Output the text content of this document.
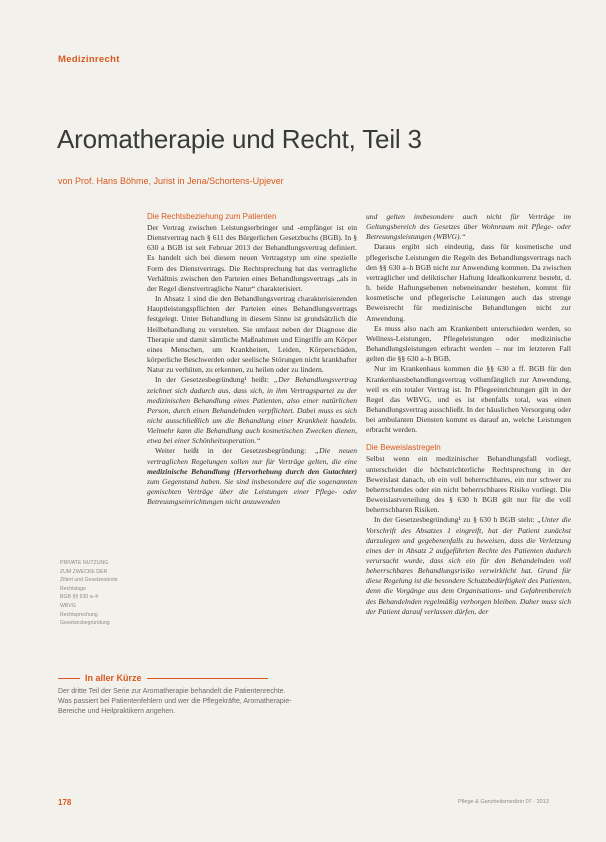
Medizinrecht
Aromatherapie und Recht, Teil 3
von Prof. Hans Böhme, Jurist in Jena/Schortens-Upjever
Die Rechtsbeziehung zum Patienten

Der Vertrag zwischen Leistungserbringer und -empfänger ist ein Dienstvertrag nach § 611 des Bürgerlichen Gesetzbuchs (BGB). In § 630 a BGB ist seit Februar 2013 der Behandlungsvertrag definiert. Es handelt sich bei diesem neuen Vertragstyp um eine spezielle Form des Dienstvertrags. Die Rechtsprechung hat das vertragliche Verhältnis zwischen den Parteien eines Behandlungsvertrags „als in der Regel dienstvertragliche Natur“ charakterisiert.

In Absatz 1 sind die den Behandlungsvertrag charakterisierenden Hauptleistungspflichten der Parteien eines Behandlungsvertrags festgelegt. Unter Behandlung in diesem Sinne ist grundsätzlich die Heilbehandlung zu verstehen. Sie umfasst neben der Diagnose die Therapie und damit sämtliche Maßnahmen und Eingriffe am Körper eines Menschen, um Krankheiten, Leiden, Körperschäden, körperliche Beschwerden oder seelische Störungen nicht krankhafter Natur zu verhüten, zu erkennen, zu heilen oder zu lindern.

In der Gesetzesbegründung¹ heißt: „Der Behandlungsvertrag zeichnet sich dadurch aus, dass sich, in ihm Vertragspartei zu der medizinischen Behandlung eines Patienten, also einer natürlichen Person, durch einen Behandelnden verpflichtet. Dabei muss es sich nicht ausschließlich um die Behandlung einer Krankheit handeln. Vielmehr kann die Behandlung auch kosmetischen Zwecken dienen, etwa bei einer Schönheitsoperation.“

Weiter heißt in der Gesetzesbegründung: „Die neuen vertraglichen Regelungen sollen nur für Verträge gelten, die eine medizinische Behandlung (Hervorhebung durch den Gutachter) zum Gegenstand haben. Sie sind insbesondere auf die sogenannten gemischten Verträge über die Leistungen einer Pflege- oder Betreuungseinrichtungen nicht anzuwenden

und gelten insbesondere auch nicht für Verträge im Geltungsbereich des Gesetzes über Wohnraum mit Pflege- oder Betreuungsleistungen (WBVG).“

Daraus ergibt sich eindeutig, dass für kosmetische und pflegerische Leistungen die Regeln des Behandlungsvertrags nach den §§ 630 a–h BGB nicht zur Anwendung kommen. Da zwischen vertraglicher und deliktischer Haftung Idealkonkurrenz besteht, d. h. beide Haftungsebenen nebeneinander bestehen, kommt für kosmetische und pflegerische Leistungen auch das strenge Beweisrecht für medizinische Behandlungen nicht zur Anwendung.

Es muss also nach am Krankenbett unterschieden werden, so Wellness-Leistungen, Pflegeleistungen oder medizinische Behandlungsleistungen erbracht werden – nur im letzteren Fall gelten die §§ 630 a–h BGB.

Nur im Krankenhaus kommen die §§ 630 a ff. BGB für den Krankenhausbehandlungsvertrag vollumfänglich zur Anwendung, weil es ein totaler Vertrag ist. In Pflegeeinrichtungen gilt in der Regel das WBVG, und es ist ebenfalls total, was einen Behandlungsvertrag ausschließt. In der häuslichen Versorgung oder bei ambulanten Diensten kommt es darauf an, welche Leistungen erbracht werden.

Die Beweislastregeln

Selbst wenn ein medizinischer Behandlungsfall vorliegt, unterscheidet die höchstrichterliche Rechtsprechung in der Beweislast danach, ob ein voll beherrschbares, ein nur schwer zu beherrschendes oder ein nicht beherrschbares Risiko vorliegt. Die Beweislastverteilung des § 630 h BGB gilt nur für die voll beherrschbaren Risiken.

In der Gesetzesbegründung¹ zu § 630 h BGB steht: „Unter die Vorschrift des Absatzes 1 eingreift, hat der Patient zunächst darzulegen und gegebenenfalls zu beweisen, dass die Verletzung eines der in Absatz 2 aufgeführten Rechte des Patienten dadurch verursacht wurde, dass sich ein für den Behandelnden voll beherrschbares Behandlungsrisiko verwirklicht hat. Grund für diese Regelung ist die besondere Schutzbedürftigkeit des Patienten, denn die Vorgänge aus dem Organisations- und Gefahrenbereich des Behandelnden regelmäßig verborgen bleiben. Daher muss sich der Patient darauf verlassen dürfen, der

PRIVATE NUTZUNG
ZUM ZWECKE DER
Zitiert und Gesetzestexte
Rechtslage
BGB §§ 630 a–h
WBVG
Rechtsprechung
Gesetzesbegründung
In aller Kürze
Der dritte Teil der Serie zur Aromatherapie behandelt die Patientenrechte. Was passiert bei Patientenfehlern und wer die Pflegekräfte, Aromatherapie-Bereiche und Heilpraktikern angehen.
178	Pflege & Ganzheitsmedizin 07 · 2013
